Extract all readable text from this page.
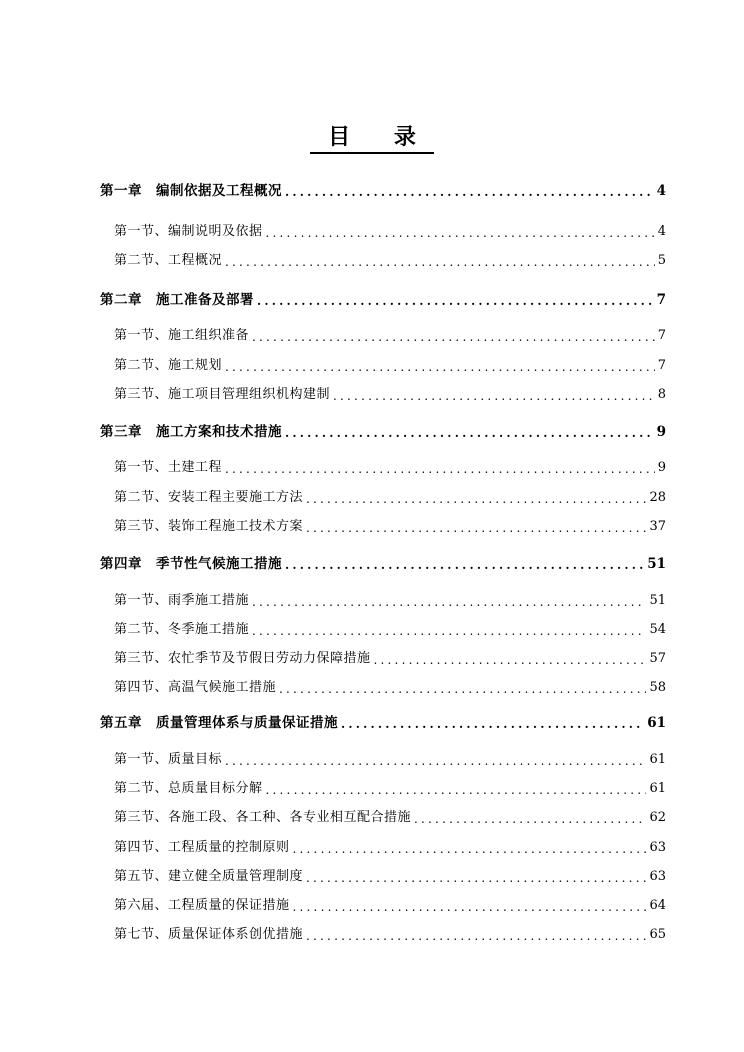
目 录
第一章　编制依据及工程概况 .....	4
第一节、编制说明及依据 .....	4
第二节、工程概况 .....	5
第二章　施工准备及部署 .....	7
第一节、施工组织准备 .....	7
第二节、施工规划 .....	7
第三节、施工项目管理组织机构建制 .....	8
第三章　施工方案和技术措施 .....	9
第一节、土建工程 .....	9
第二节、安装工程主要施工方法 .....	28
第三节、装饰工程施工技术方案 .....	37
第四章　季节性气候施工措施 .....	51
第一节、雨季施工措施 .....	51
第二节、冬季施工措施 .....	54
第三节、农忙季节及节假日劳动力保障措施 .....	57
第四节、高温气候施工措施 .....	58
第五章　质量管理体系与质量保证措施 .....	61
第一节、质量目标 .....	61
第二节、总质量目标分解 .....	61
第三节、各施工段、各工种、各专业相互配合措施 .....	62
第四节、工程质量的控制原则 .....	63
第五节、建立健全质量管理制度 .....	63
第六届、工程质量的保证措施 .....	64
第七节、质量保证体系创优措施 .....	65
